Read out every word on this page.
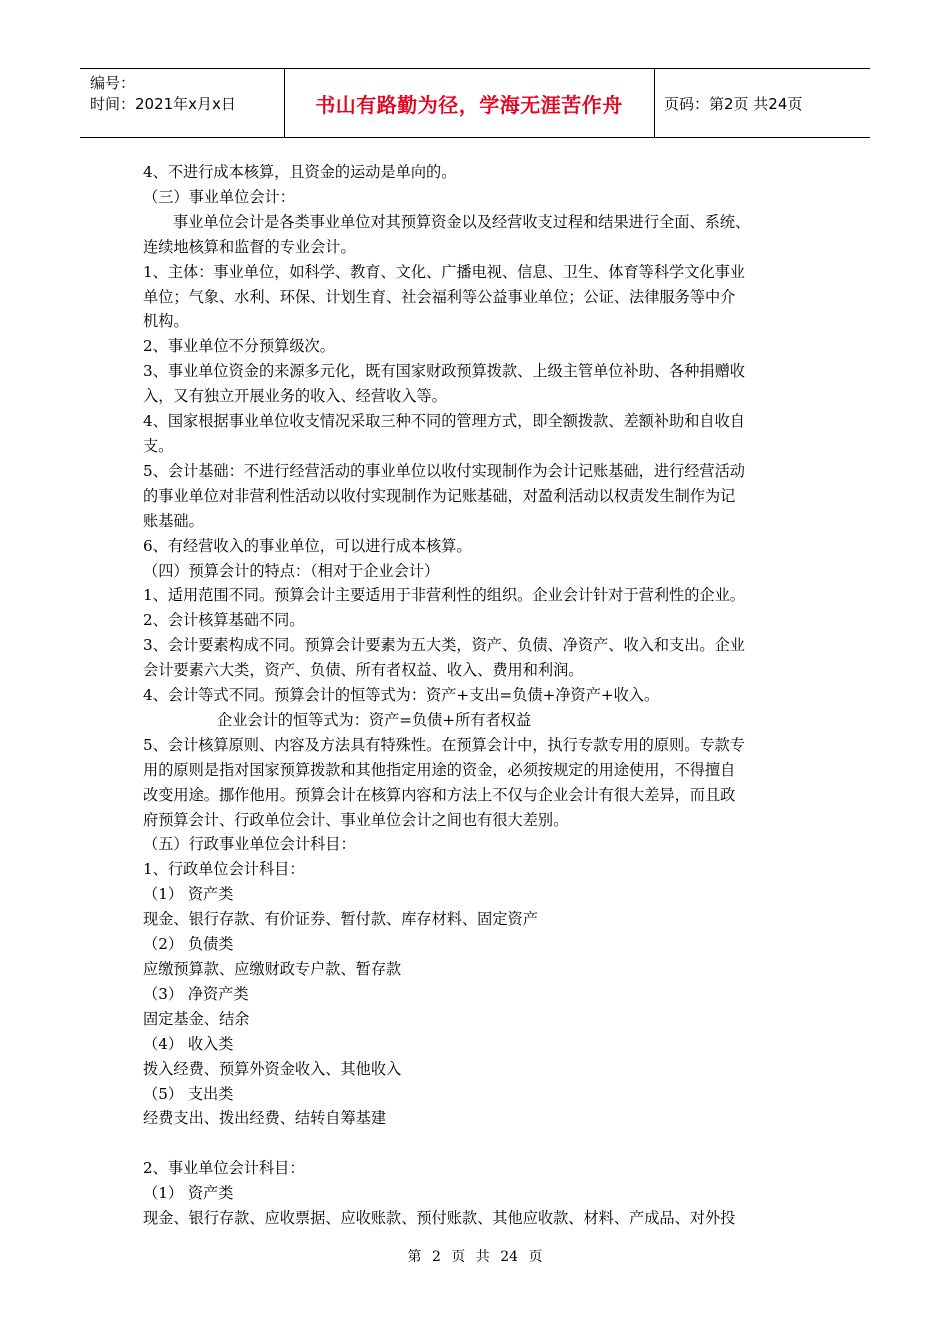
编号：
时间：2021年x月x日	书山有路勤为径，学海无涯苦作舟	页码：第2页 共24页

4、不进行成本核算，且资金的运动是单向的。

（三）事业单位会计：

事业单位会计是各类事业单位对其预算资金以及经营收支过程和结果进行全面、系统、

连续地核算和监督的专业会计。

1、主体：事业单位，如科学、教育、文化、广播电视、信息、卫生、体育等科学文化事业

单位；气象、水利、环保、计划生育、社会福利等公益事业单位；公证、法律服务等中介

机构。

2、事业单位不分预算级次。

3、事业单位资金的来源多元化，既有国家财政预算拨款、上级主管单位补助、各种捐赠收

入，又有独立开展业务的收入、经营收入等。

4、国家根据事业单位收支情况采取三种不同的管理方式，即全额拨款、差额补助和自收自

支。

5、会计基础：不进行经营活动的事业单位以收付实现制作为会计记账基础，进行经营活动

的事业单位对非营利性活动以收付实现制作为记账基础，对盈利活动以权责发生制作为记

账基础。

6、有经营收入的事业单位，可以进行成本核算。

（四）预算会计的特点：（相对于企业会计）

1、适用范围不同。预算会计主要适用于非营利性的组织。企业会计针对于营利性的企业。

2、会计核算基础不同。

3、会计要素构成不同。预算会计要素为五大类，资产、负债、净资产、收入和支出。企业

会计要素六大类，资产、负债、所有者权益、收入、费用和利润。

4、会计等式不同。预算会计的恒等式为：资产+支出=负债+净资产+收入。

企业会计的恒等式为：资产=负债+所有者权益

5、会计核算原则、内容及方法具有特殊性。在预算会计中，执行专款专用的原则。专款专

用的原则是指对国家预算拨款和其他指定用途的资金，必须按规定的用途使用，不得擅自

改变用途。挪作他用。预算会计在核算内容和方法上不仅与企业会计有很大差异，而且政

府预算会计、行政单位会计、事业单位会计之间也有很大差别。

（五）行政事业单位会计科目：

1、行政单位会计科目：

（1） 资产类

现金、银行存款、有价证券、暂付款、库存材料、固定资产

（2） 负债类

应缴预算款、应缴财政专户款、暂存款

（3） 净资产类

固定基金、结余

（4） 收入类

拨入经费、预算外资金收入、其他收入

（5） 支出类

经费支出、拨出经费、结转自筹基建

2、事业单位会计科目：

（1） 资产类

现金、银行存款、应收票据、应收账款、预付账款、其他应收款、材料、产成品、对外投

第 2 页 共 24 页
